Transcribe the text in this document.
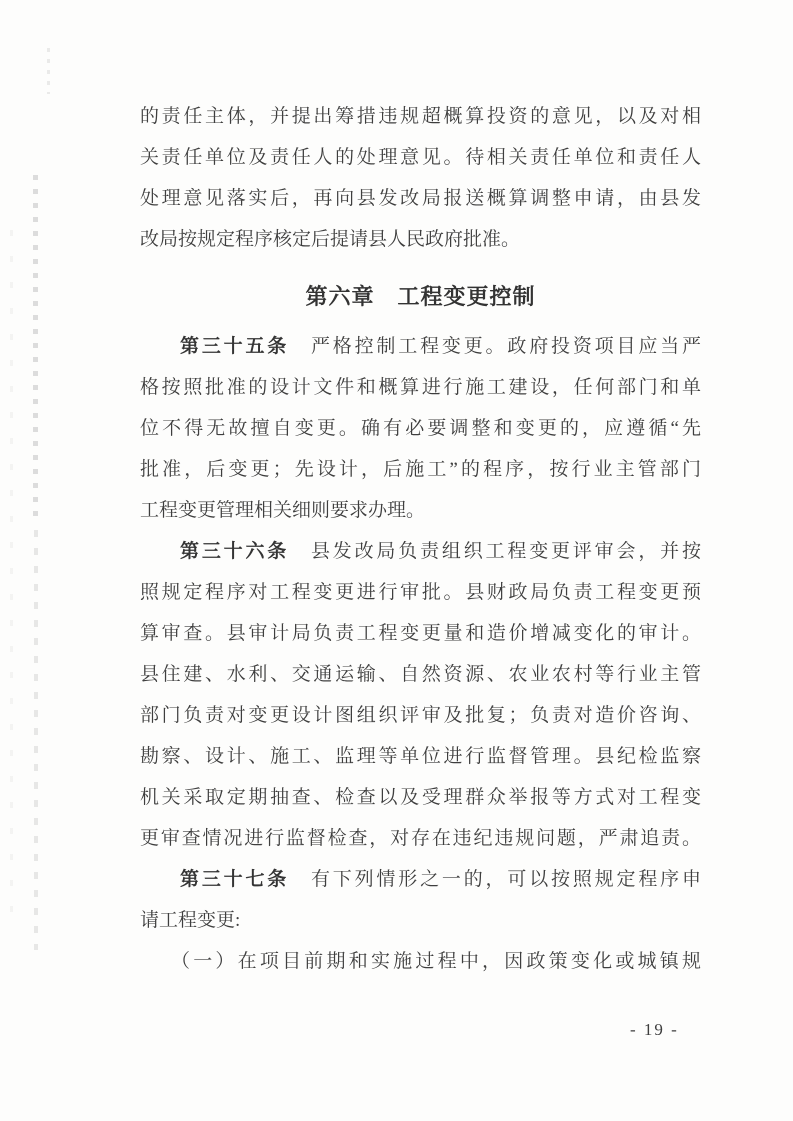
的责任主体，并提出筹措违规超概算投资的意见，以及对相
关责任单位及责任人的处理意见。待相关责任单位和责任人
处理意见落实后，再向县发改局报送概算调整申请，由县发
改局按规定程序核定后提请县人民政府批准。
第六章　工程变更控制
第三十五条　严格控制工程变更。政府投资项目应当严
格按照批准的设计文件和概算进行施工建设，任何部门和单
位不得无故擅自变更。确有必要调整和变更的，应遵循“先
批准，后变更；先设计，后施工”的程序，按行业主管部门
工程变更管理相关细则要求办理。
第三十六条　县发改局负责组织工程变更评审会，并按
照规定程序对工程变更进行审批。县财政局负责工程变更预
算审查。县审计局负责工程变更量和造价增减变化的审计。
县住建、水利、交通运输、自然资源、农业农村等行业主管
部门负责对变更设计图组织评审及批复；负责对造价咨询、
勘察、设计、施工、监理等单位进行监督管理。县纪检监察
机关采取定期抽查、检查以及受理群众举报等方式对工程变
更审查情况进行监督检查，对存在违纪违规问题，严肃追责。
第三十七条　有下列情形之一的，可以按照规定程序申
请工程变更:
（一）在项目前期和实施过程中，因政策变化或城镇规
- 19 -
